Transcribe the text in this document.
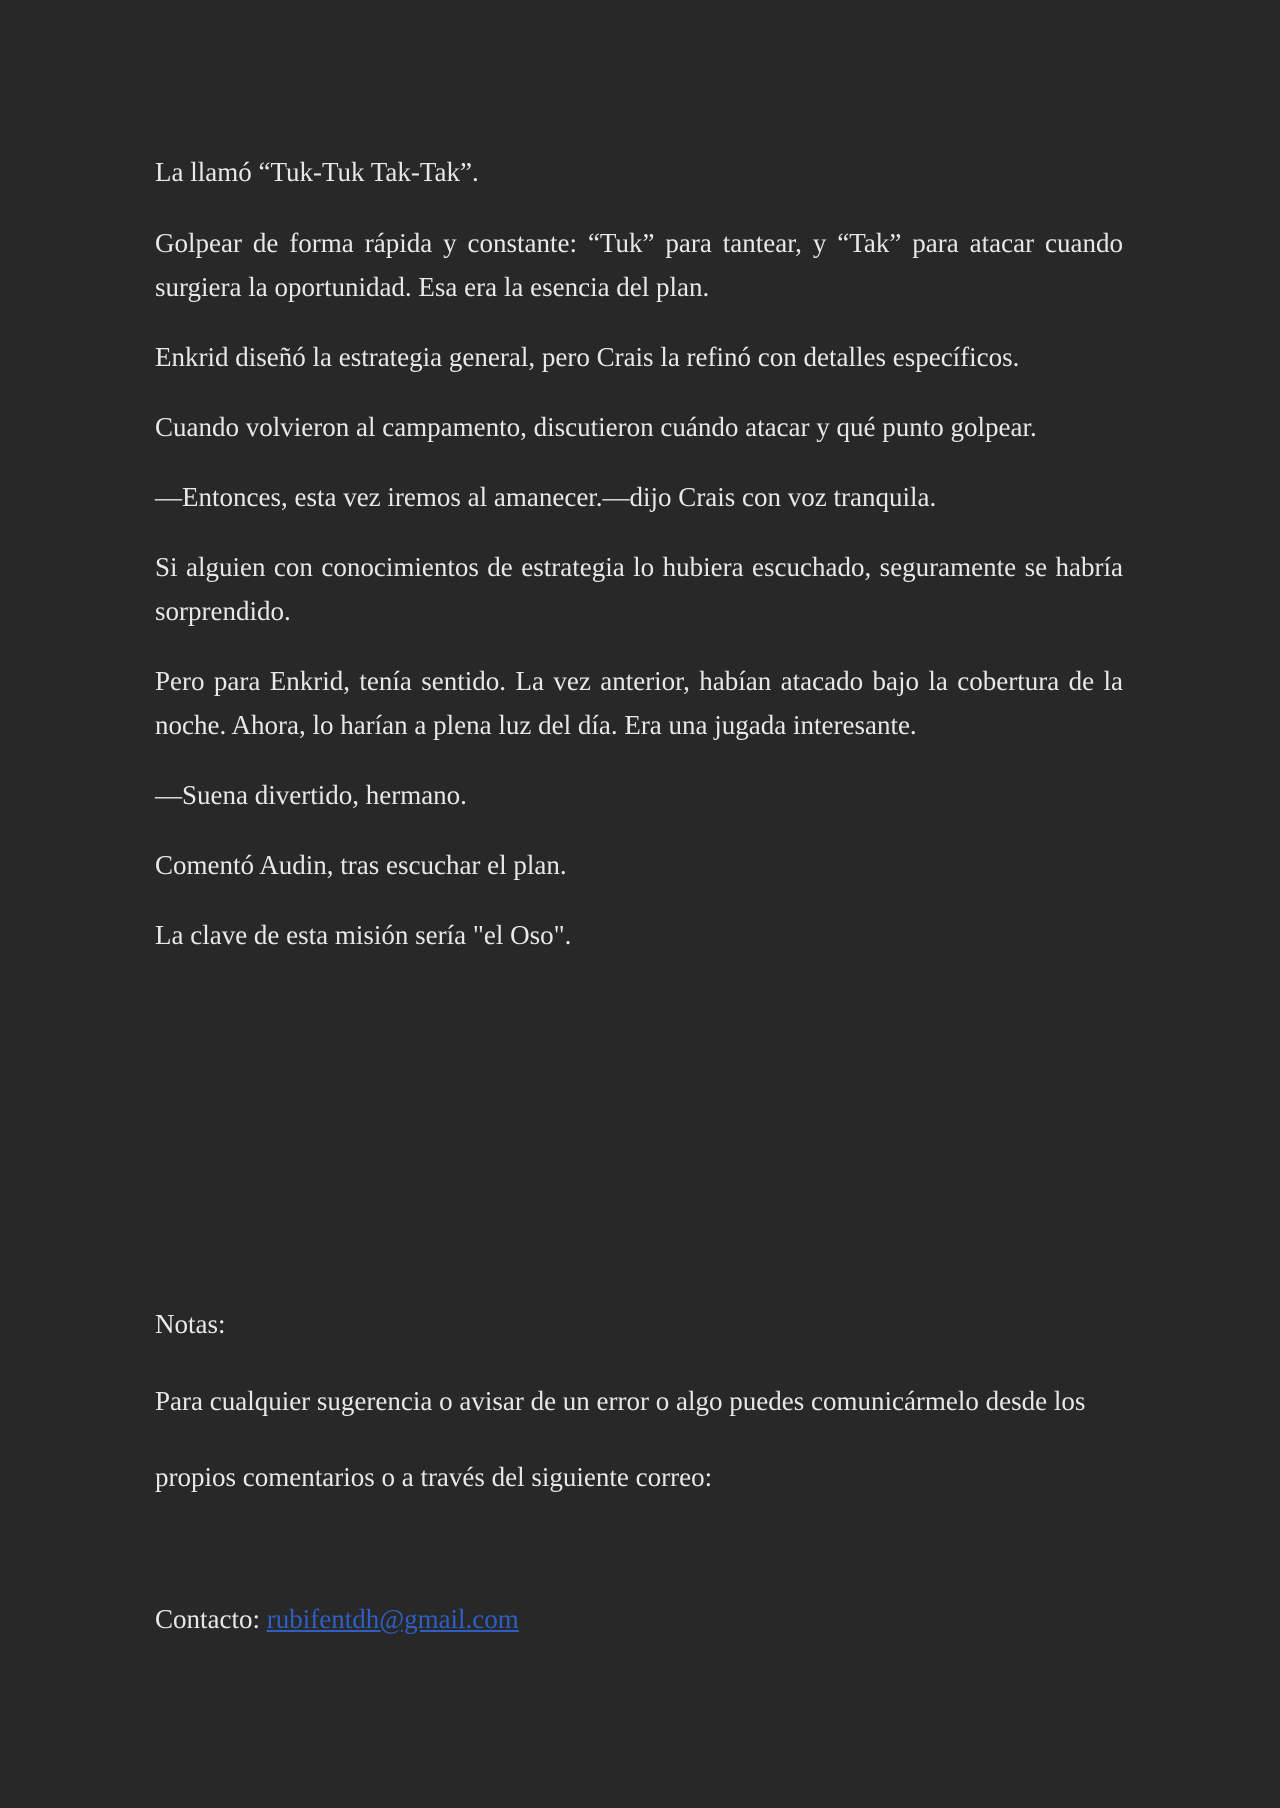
La llamó “Tuk-Tuk Tak-Tak”.

Golpear de forma rápida y constante: “Tuk” para tantear, y “Tak” para atacar cuando surgiera la oportunidad. Esa era la esencia del plan.

Enkrid diseñó la estrategia general, pero Crais la refinó con detalles específicos.

Cuando volvieron al campamento, discutieron cuándo atacar y qué punto golpear.

—Entonces, esta vez iremos al amanecer.—dijo Crais con voz tranquila.

Si alguien con conocimientos de estrategia lo hubiera escuchado, seguramente se habría sorprendido.

Pero para Enkrid, tenía sentido. La vez anterior, habían atacado bajo la cobertura de la noche. Ahora, lo harían a plena luz del día. Era una jugada interesante.

—Suena divertido, hermano.

Comentó Audin, tras escuchar el plan.

La clave de esta misión sería "el Oso".

Notas:

Para cualquier sugerencia o avisar de un error o algo puedes comunicármelo desde los

propios comentarios o a través del siguiente correo:

Contacto: rubifentdh@gmail.com
